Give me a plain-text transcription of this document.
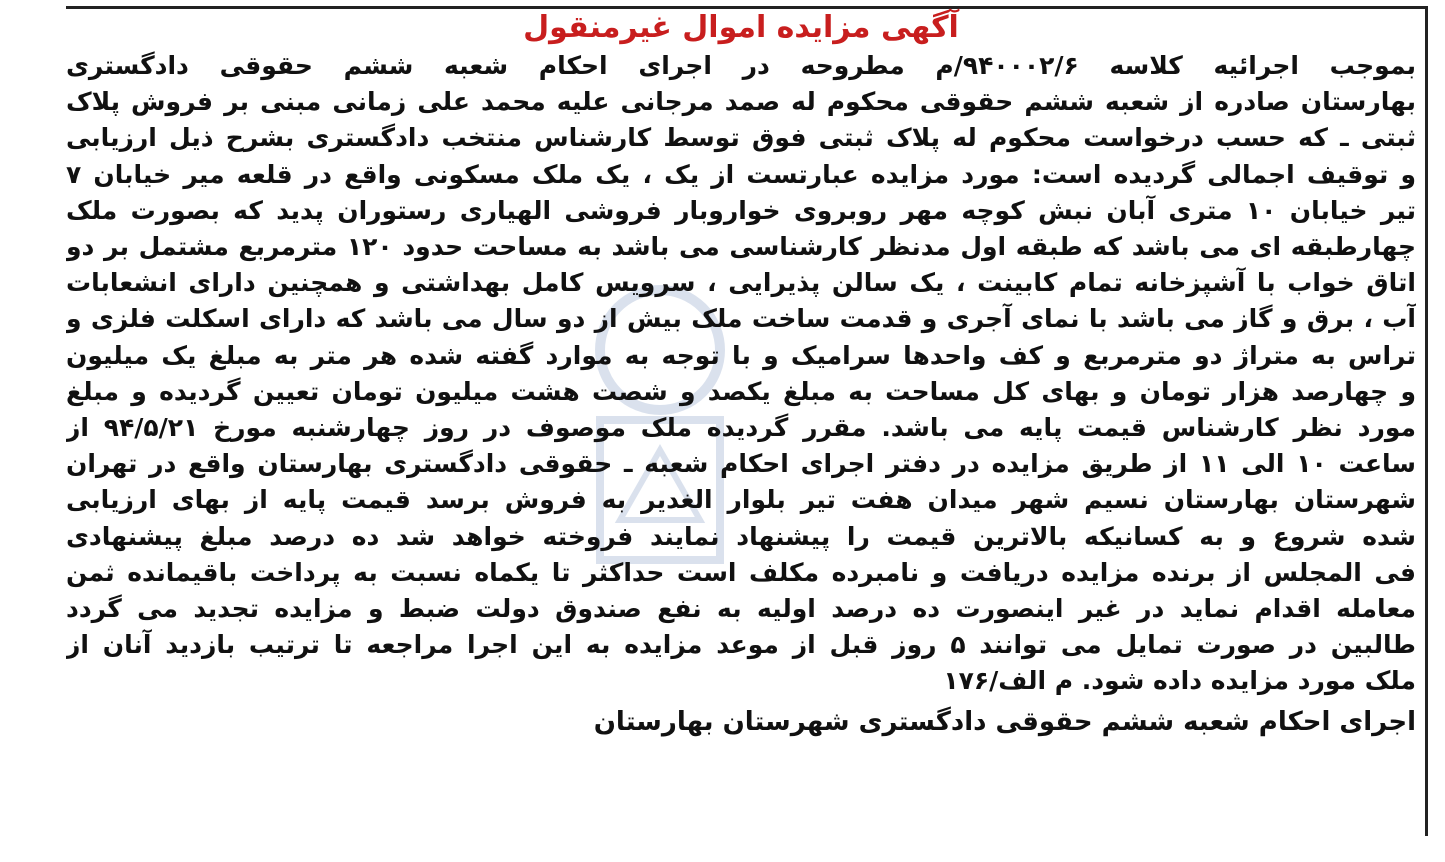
آگهی مزایده اموال غیرمنقول
بموجب اجرائیه کلاسه ۹۴۰۰۰۲/۶/م مطروحه در اجرای احکام شعبه ششم حقوقی دادگستری
بهارستان صادره از شعبه ششم حقوقی محکوم له صمد مرجانی علیه محمد علی زمانی مبنی بر فروش پلاک
ثبتی ـ که حسب درخواست محکوم له پلاک ثبتی فوق توسط کارشناس منتخب دادگستری بشرح ذیل ارزیابی
و توقیف اجمالی گردیده است: مورد مزایده عبارتست از یک ، یک ملک مسکونی واقع در قلعه میر خیابان ۷
تیر خیابان ۱۰ متری آبان نبش کوچه مهر روبروی خواروبار فروشی الهیاری رستوران پدید که بصورت ملک
چهارطبقه ای می باشد که طبقه اول مدنظر کارشناسی می باشد به مساحت حدود ۱۲۰ مترمربع مشتمل بر دو
اتاق خواب با آشپزخانه تمام کابینت ، یک سالن پذیرایی ، سرویس کامل بهداشتی و همچنین دارای انشعابات
آب ، برق و گاز می باشد با نمای آجری و قدمت ساخت ملک بیش از دو سال می باشد که دارای اسکلت فلزی و
تراس به متراژ دو مترمربع و کف واحدها سرامیک و با توجه به موارد گفته شده هر متر به مبلغ یک میلیون
و چهارصد هزار تومان و بهای کل مساحت به مبلغ یکصد و شصت هشت میلیون تومان تعیین گردیده و مبلغ
مورد نظر کارشناس قیمت پایه می باشد. مقرر گردیده ملک موصوف در روز چهارشنبه مورخ ۹۴/۵/۲۱ از
ساعت ۱۰ الی ۱۱ از طریق مزایده در دفتر اجرای احکام شعبه ـ حقوقی دادگستری بهارستان واقع در تهران
شهرستان بهارستان نسیم شهر میدان هفت تیر بلوار الغدیر به فروش برسد قیمت پایه از بهای ارزیابی
شده شروع و به کسانیکه بالاترین قیمت را پیشنهاد نمایند فروخته خواهد شد ده درصد مبلغ پیشنهادی
فی المجلس از برنده مزایده دریافت و نامبرده مکلف است حداکثر تا یکماه نسبت به پرداخت باقیمانده ثمن
معامله اقدام نماید در غیر اینصورت ده درصد اولیه به نفع صندوق دولت ضبط و مزایده تجدید می گردد
طالبین در صورت تمایل می توانند ۵ روز قبل از موعد مزایده به این اجرا مراجعه تا ترتیب بازدید آنان از
ملک مورد مزایده داده شود. م الف/۱۷۶
اجرای احکام شعبه ششم حقوقی دادگستری شهرستان بهارستان
